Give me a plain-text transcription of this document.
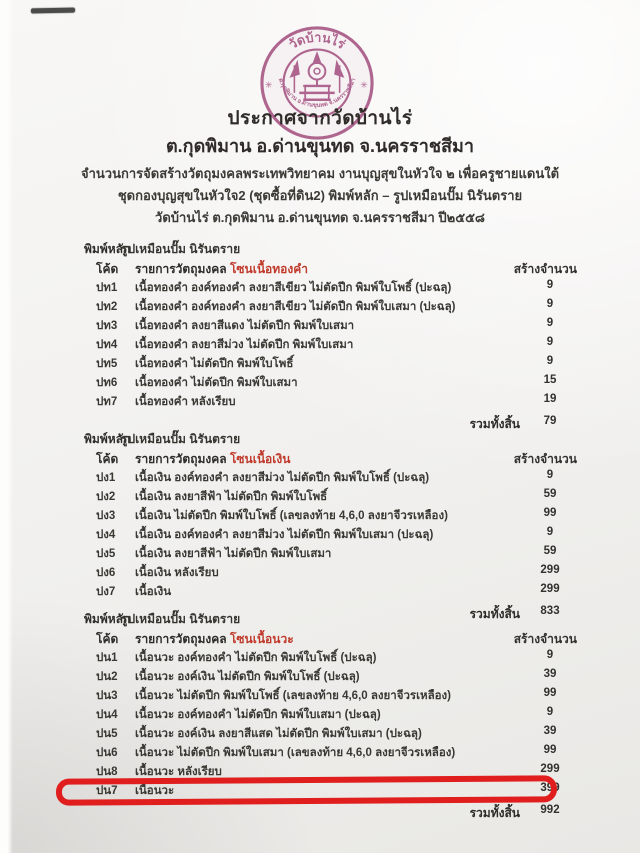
วัดบ้านไร่
ต.กุดพิมาน อ.ด่านขุนทด จ.นครราชสีมา
✳	✳
ประกาศจากวัดบ้านไร่
ต.กุดพิมาน อ.ด่านขุนทด จ.นครราชสีมา
จำนวนการจัดสร้างวัตถุมงคลพระเทพวิทยาคม งานบุญสุขในหัวใจ ๒ เพื่อครูชายแดนใต้
ชุดกองบุญสุขในหัวใจ2 (ชุดซื้อที่ดิน2) พิมพ์หลัก – รูปเหมือนปั๊ม นิรันตราย
วัดบ้านไร่ ต.กุดพิมาน อ.ด่านขุนทด จ.นครราชสีมา ปี๒๕๕๘
พิมพ์หลัก
รูปเหมือนปั๊ม นิรันตราย
โค้ด รายการวัตถุมงคล โซนเนื้อทองคำ	สร้างจำนวน
ปท1 เนื้อทองคำ องค์ทองคำ ลงยาสีเขียว ไม่ตัดปีก พิมพ์ใบโพธิ์ (ปะฉลุ)	9
ปท2 เนื้อทองคำ องค์ทองคำ ลงยาสีเขียว ไม่ตัดปีก พิมพ์ใบเสมา (ปะฉลุ)	9
ปท3 เนื้อทองคำ ลงยาสีแดง ไม่ตัดปีก พิมพ์ใบเสมา	9
ปท4 เนื้อทองคำ ลงยาสีม่วง ไม่ตัดปีก พิมพ์ใบเสมา	9
ปท5 เนื้อทองคำ ไม่ตัดปีก พิมพ์ใบโพธิ์	9
ปท6 เนื้อทองคำ ไม่ตัดปีก พิมพ์ใบเสมา	15
ปท7 เนื้อทองคำ หลังเรียบ	19
รวมทั้งสิ้น	79
พิมพ์หลัก
รูปเหมือนปั๊ม นิรันตราย
โค้ด รายการวัตถุมงคล โซนเนื้อเงิน	สร้างจำนวน
ปง1 เนื้อเงิน องค์ทองคำ ลงยาสีม่วง ไม่ตัดปีก พิมพ์ใบโพธิ์ (ปะฉลุ)	9
ปง2 เนื้อเงิน ลงยาสีฟ้า ไม่ตัดปีก พิมพ์ใบโพธิ์	59
ปง3 เนื้อเงิน ไม่ตัดปีก พิมพ์ใบโพธิ์ (เลขลงท้าย 4,6,0 ลงยาจีวรเหลือง)	99
ปง4 เนื้อเงิน องค์ทองคำ ลงยาสีม่วง ไม่ตัดปีก พิมพ์ใบเสมา (ปะฉลุ)	9
ปง5 เนื้อเงิน ลงยาสีฟ้า ไม่ตัดปีก พิมพ์ใบเสมา	59
ปง6 เนื้อเงิน หลังเรียบ	299
ปง7 เนื้อเงิน	299
รวมทั้งสิ้น	833
พิมพ์หลัก
รูปเหมือนปั๊ม นิรันตราย
โค้ด รายการวัตถุมงคล โซนเนื้อนวะ	สร้างจำนวน
ปน1 เนื้อนวะ องค์ทองคำ ไม่ตัดปีก พิมพ์ใบโพธิ์ (ปะฉลุ)	9
ปน2 เนื้อนวะ องค์เงิน ไม่ตัดปีก พิมพ์ใบโพธิ์ (ปะฉลุ)	39
ปน3 เนื้อนวะ ไม่ตัดปีก พิมพ์ใบโพธิ์ (เลขลงท้าย 4,6,0 ลงยาจีวรเหลือง)	99
ปน4 เนื้อนวะ องค์ทองคำ ไม่ตัดปีก พิมพ์ใบเสมา (ปะฉลุ)	9
ปน5 เนื้อนวะ องค์เงิน ลงยาสีแสด ไม่ตัดปีก พิมพ์ใบเสมา (ปะฉลุ)	39
ปน6 เนื้อนวะ ไม่ตัดปีก พิมพ์ใบเสมา (เลขลงท้าย 4,6,0 ลงยาจีวรเหลือง)	99
ปน8 เนื้อนวะ หลังเรียบ	299
ปน7 เนื้อนวะ	399
รวมทั้งสิ้น	992
